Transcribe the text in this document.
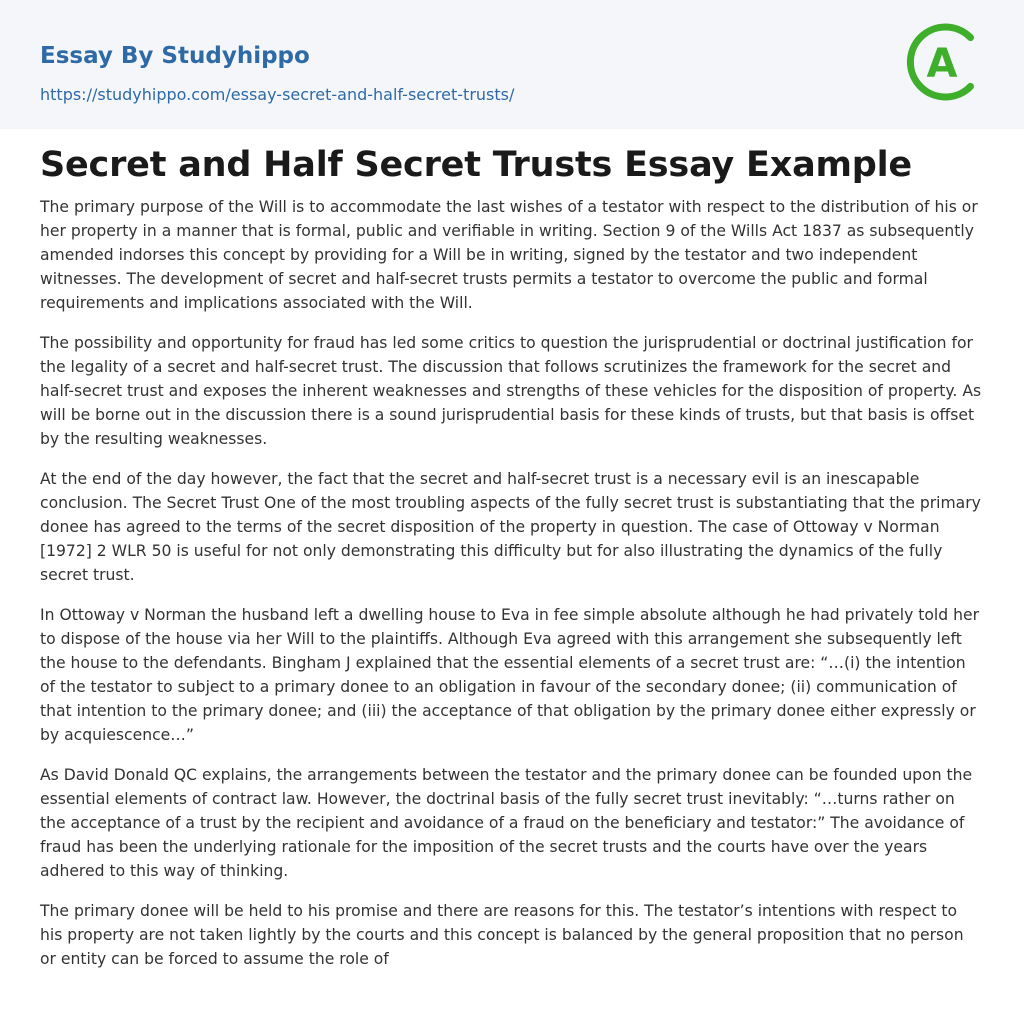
Essay By Studyhippo
https://studyhippo.com/essay-secret-and-half-secret-trusts/
A
Secret and Half Secret Trusts Essay Example

The primary purpose of the Will is to accommodate the last wishes of a testator with respect to the distribution of his or her property in a manner that is formal, public and verifiable in writing. Section 9 of the Wills Act 1837 as subsequently amended indorses this concept by providing for a Will be in writing, signed by the testator and two independent witnesses. The development of secret and half-secret trusts permits a testator to overcome the public and formal requirements and implications associated with the Will.

The possibility and opportunity for fraud has led some critics to question the jurisprudential or doctrinal justification for the legality of a secret and half-secret trust. The discussion that follows scrutinizes the framework for the secret and half-secret trust and exposes the inherent weaknesses and strengths of these vehicles for the disposition of property. As will be borne out in the discussion there is a sound jurisprudential basis for these kinds of trusts, but that basis is offset by the resulting weaknesses.

At the end of the day however, the fact that the secret and half-secret trust is a necessary evil is an inescapable conclusion. The Secret Trust One of the most troubling aspects of the fully secret trust is substantiating that the primary donee has agreed to the terms of the secret disposition of the property in question. The case of Ottoway v Norman [1972] 2 WLR 50 is useful for not only demonstrating this difficulty but for also illustrating the dynamics of the fully secret trust.

In Ottoway v Norman the husband left a dwelling house to Eva in fee simple absolute although he had privately told her to dispose of the house via her Will to the plaintiffs. Although Eva agreed with this arrangement she subsequently left the house to the defendants. Bingham J explained that the essential elements of a secret trust are: “…(i) the intention of the testator to subject to a primary donee to an obligation in favour of the secondary donee; (ii) communication of that intention to the primary donee; and (iii) the acceptance of that obligation by the primary donee either expressly or by acquiescence…”

As David Donald QC explains, the arrangements between the testator and the primary donee can be founded upon the essential elements of contract law. However, the doctrinal basis of the fully secret trust inevitably: “…turns rather on the acceptance of a trust by the recipient and avoidance of a fraud on the beneficiary and testator:” The avoidance of fraud has been the underlying rationale for the imposition of the secret trusts and the courts have over the years adhered to this way of thinking.

The primary donee will be held to his promise and there are reasons for this. The testator’s intentions with respect to his property are not taken lightly by the courts and this concept is balanced by the general proposition that no person or entity can be forced to assume the role of
